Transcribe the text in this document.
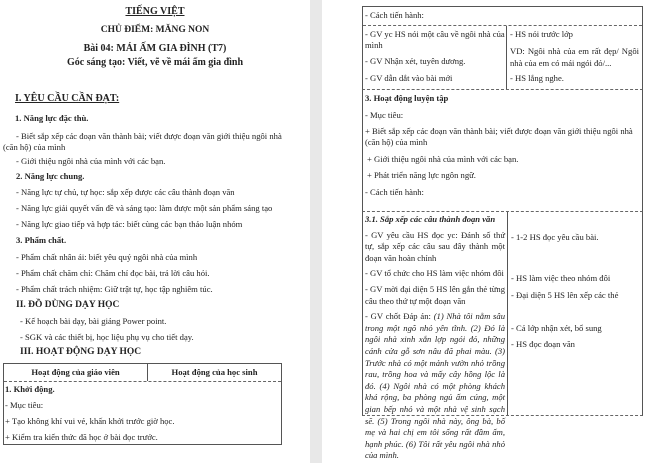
TIẾNG VIỆT
CHỦ ĐIỂM: MĂNG NON
Bài 04: MÁI ẤM GIA ĐÌNH (T7)
Góc sáng tạo: Viết, vẽ về mái ấm gia đình
I. YÊU CẦU CẦN ĐẠT:
1. Năng lực đặc thù.
- Biết sắp xếp các đoạn văn thành bài; viết được đoạn văn giới thiệu ngôi nhà
(căn hộ) của mình
- Giới thiệu ngôi nhà của mình với các bạn.
2. Năng lực chung.
- Năng lực tự chủ, tự học: sắp xếp được các câu thành đoạn văn
- Năng lực giải quyết vấn đề và sáng tạo: làm được một sản phẩm sáng tạo
- Năng lực giao tiếp và hợp tác: biết cùng các bạn thảo luận nhóm
3. Phẩm chất.
- Phẩm chất nhân ái: biết yêu quý ngôi nhà của mình
- Phẩm chất chăm chỉ: Chăm chỉ đọc bài, trả lời câu hỏi.
- Phẩm chất trách nhiệm: Giữ trật tự, học tập nghiêm túc.
II. ĐỒ DÙNG DẠY HỌC
- Kế hoạch bài dạy, bài giảng Power point.
- SGK và các thiết bị, học liệu phụ vụ cho tiết dạy.
III. HOẠT ĐỘNG DẠY HỌC
Hoạt động của giáo viên	Hoạt động của học sinh
1. Khởi động.
- Mục tiêu:
+ Tạo không khí vui vẻ, khấn khởi trước giờ học.
+ Kiểm tra kiến thức đã học ở bài đọc trước.
- Cách tiến hành:
- GV yc HS nói một câu về ngôi nhà của
mình
- GV Nhận xét, tuyên dương.
- GV dẫn dắt vào bài mới
- HS nói trước lớp
VD: Ngôi nhà của em rất đẹp/ Ngôi nhà của em có mái ngói đỏ/...
- HS lắng nghe.
3. Hoạt động luyện tập
- Mục tiêu:
+ Biết sắp xếp các đoạn văn thành bài; viết được đoạn văn giới thiệu ngôi nhà
(căn hộ) của mình
+ Giới thiệu ngôi nhà của mình với các bạn.
+ Phát triển năng lực ngôn ngữ.
- Cách tiến hành:
3.1. Sắp xếp các câu thành đoạn văn
- GV yêu cầu HS đọc yc: Đánh số thứ tự, sắp xếp các câu sau đây thành một đoạn văn hoàn chỉnh
- GV tổ chức cho HS làm việc nhóm đôi
- GV mời đại diện 5 HS lên gắn thẻ từng câu theo thứ tự một đoạn văn
- GV chốt Đáp án: (1) Nhà tôi nằm sâu trong một ngõ nhỏ yên tĩnh. (2) Đó là ngôi nhà xinh xắn lợp ngói đỏ, những cánh cửa gỗ sơn nâu đã phai màu. (3) Trước nhà có một mảnh vườn nhỏ trồng rau, trồng hoa và mấy cây hồng lộc là đó. (4) Ngôi nhà có một phòng khách khá rộng, ba phòng ngủ ấm cúng, một gian bếp nhỏ và một nhà vệ sinh sạch sẽ. (5) Trong ngôi nhà này, ông bà, bố mẹ và hai chị em tôi sống rất đầm ấm, hạnh phúc. (6) Tôi rất yêu ngôi nhà nhỏ của mình.
- 1-2 HS đọc yêu cầu bài.
- HS làm việc theo nhóm đôi
- Đại diện 5 HS lên xếp các thẻ
- Cả lớp nhận xét, bổ sung
- HS đọc đoạn văn
